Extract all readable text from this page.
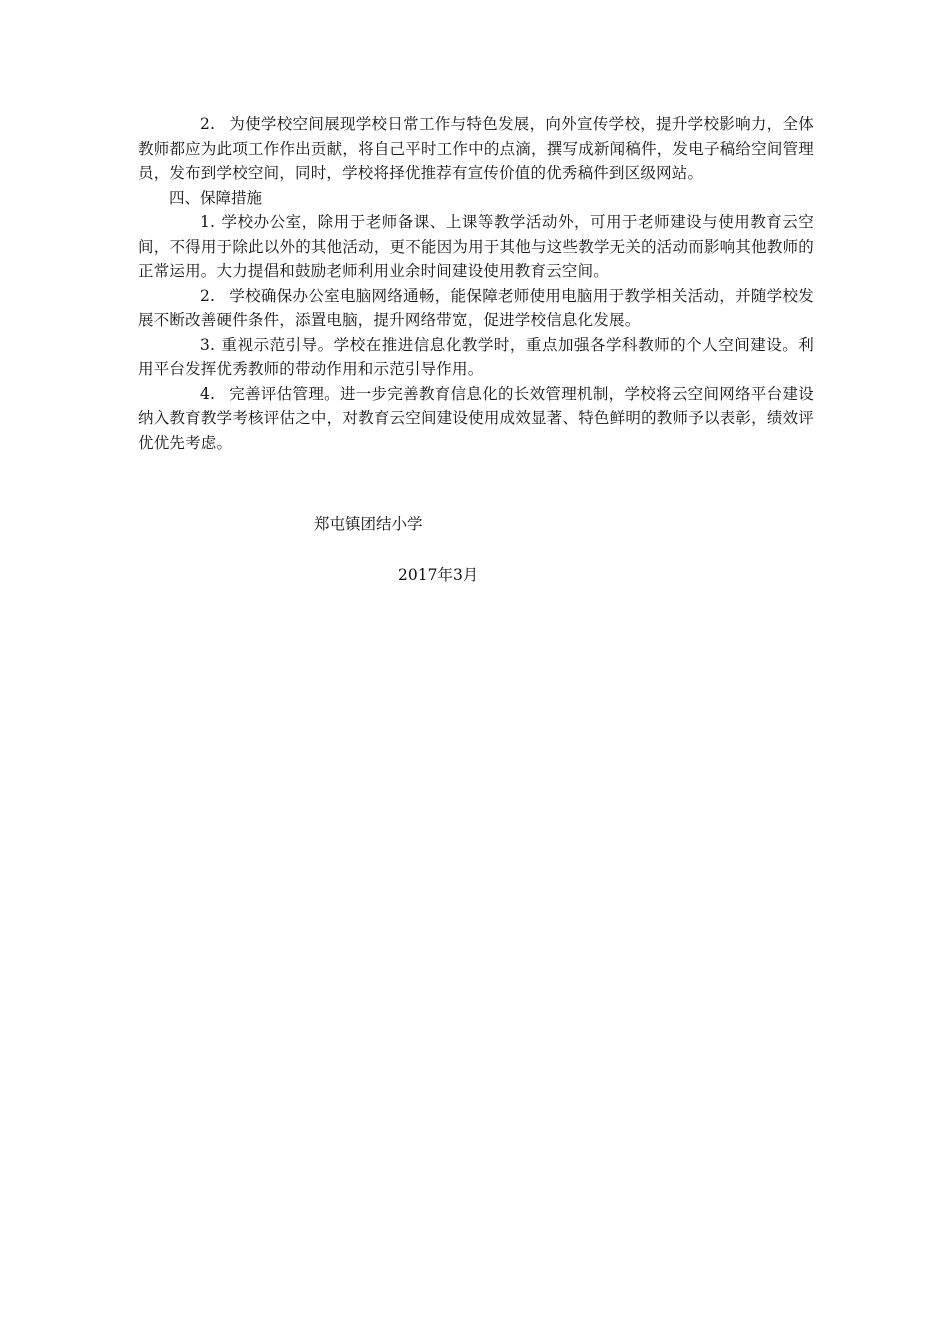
2. 为使学校空间展现学校日常工作与特色发展，向外宣传学校，提升学校影响力，全体教师都应为此项工作作出贡献，将自己平时工作中的点滴，撰写成新闻稿件，发电子稿给空间管理员，发布到学校空间，同时，学校将择优推荐有宣传价值的优秀稿件到区级网站。

四、保障措施

1. 学校办公室，除用于老师备课、上课等教学活动外，可用于老师建设与使用教育云空间，不得用于除此以外的其他活动，更不能因为用于其他与这些教学无关的活动而影响其他教师的正常运用。大力提倡和鼓励老师利用业余时间建设使用教育云空间。

2. 学校确保办公室电脑网络通畅，能保障老师使用电脑用于教学相关活动，并随学校发展不断改善硬件条件，添置电脑，提升网络带宽，促进学校信息化发展。

3. 重视示范引导。学校在推进信息化教学时，重点加强各学科教师的个人空间建设。利用平台发挥优秀教师的带动作用和示范引导作用。

4. 完善评估管理。进一步完善教育信息化的长效管理机制，学校将云空间网络平台建设纳入教育教学考核评估之中，对教育云空间建设使用成效显著、特色鲜明的教师予以表彰，绩效评优优先考虑。

郑屯镇团结小学
2017年3月
